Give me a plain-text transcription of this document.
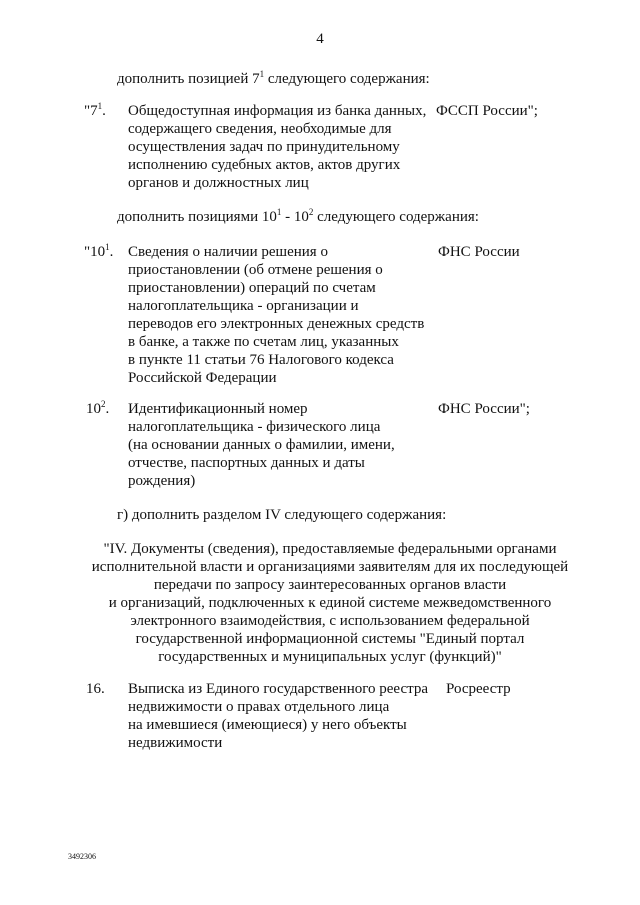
4
дополнить позицией $7^1$ следующего содержания:
"$7^1$. Общедоступная информация из банка данных,
содержащего сведения, необходимые для
осуществления задач по принудительному
исполнению судебных актов, актов других
органов и должностных лиц
ФССП России";
дополнить позициями $10^1 - 10^2$ следующего содержания:
"$10^1$. Сведения о наличии решения о
приостановлении (об отмене решения о
приостановлении) операций по счетам
налогоплательщика - организации и
переводов его электронных денежных средств
в банке, а также по счетам лиц, указанных
в пункте 11 статьи 76 Налогового кодекса
Российской Федерации
ФНС России
$10^2$. Идентификационный номер
налогоплательщика - физического лица
(на основании данных о фамилии, имени,
отчестве, паспортных данных и даты
рождения)
ФНС России";
г) дополнить разделом IV следующего содержания:
"IV. Документы (сведения), предоставляемые федеральными органами
исполнительной власти и организациями заявителям для их последующей
передачи по запросу заинтересованных органов власти
и организаций, подключенных к единой системе межведомственного
электронного взаимодействия, с использованием федеральной
государственной информационной системы "Единый портал
государственных и муниципальных услуг (функций)"
16. Выписка из Единого государственного реестра
недвижимости о правах отдельного лица
на имевшиеся (имеющиеся) у него объекты
недвижимости
Росреестр
3492306
